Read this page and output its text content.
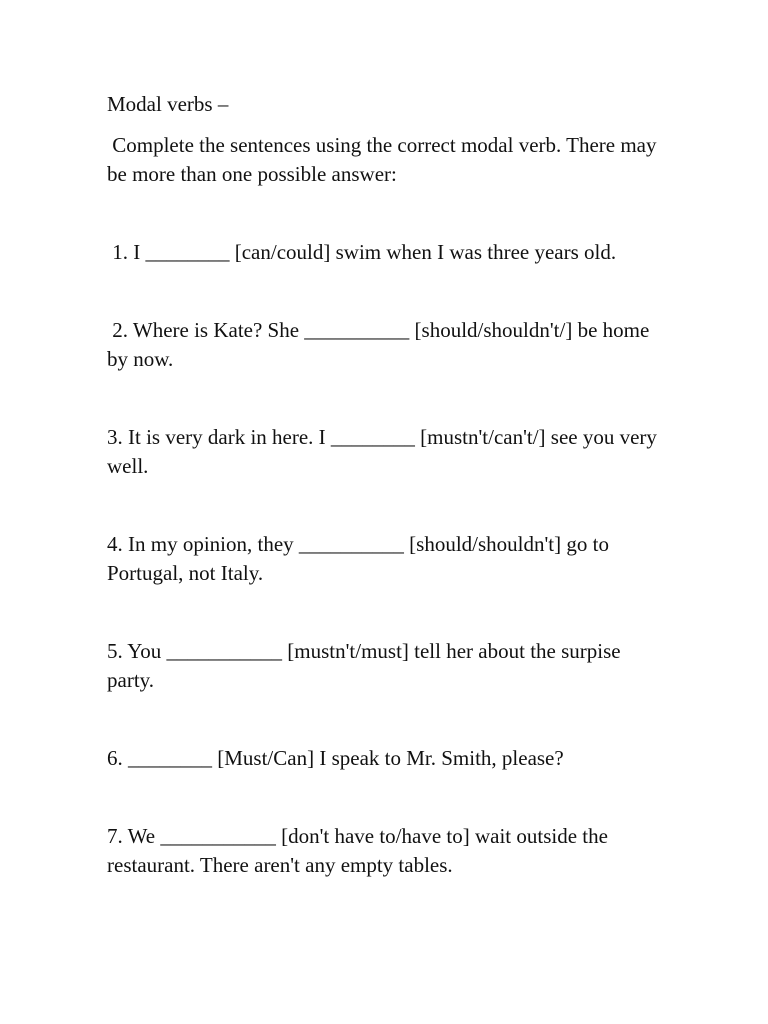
Modal verbs –

Complete the sentences using the correct modal verb. There may be more than one possible answer:

1. I ________ [can/could] swim when I was three years old.

2. Where is Kate? She __________ [should/shouldn't/] be home by now.

3. It is very dark in here. I ________ [mustn't/can't/] see you very well.

4. In my opinion, they __________ [should/shouldn't] go to Portugal, not Italy.

5. You ___________ [mustn't/must] tell her about the surpise party.

6. ________ [Must/Can] I speak to Mr. Smith, please?

7. We ___________ [don't have to/have to] wait outside the restaurant. There aren't any empty tables.
